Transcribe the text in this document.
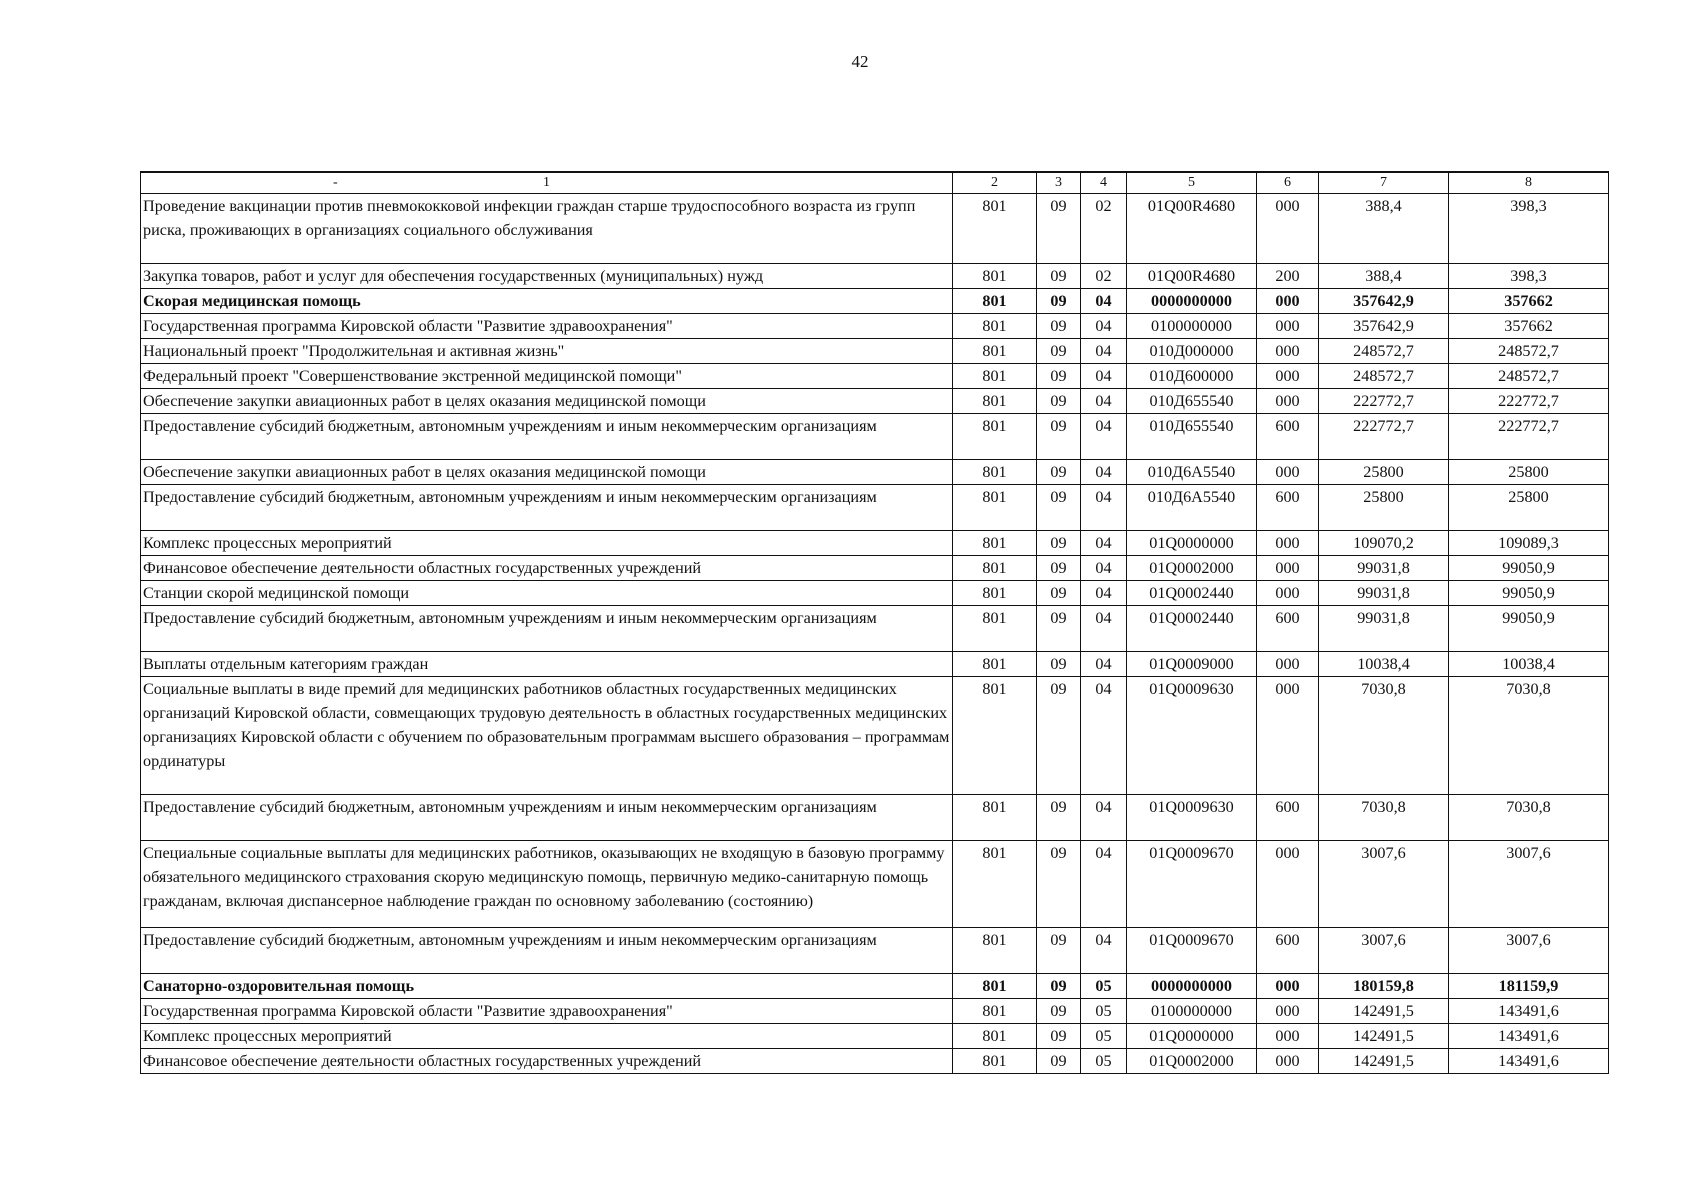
42
- 1	2	3	4	5	6	7	8
Проведение вакцинации против пневмококковой инфекции граждан старше трудоспособного возраста из групп риска, проживающих в организациях социального обслуживания	801	09	02	01Q00R4680	000	388,4	398,3
Закупка товаров, работ и услуг для обеспечения государственных (муниципальных) нужд	801	09	02	01Q00R4680	200	388,4	398,3
Скорая медицинская помощь	801	09	04	0000000000	000	357642,9	357662
Государственная программа Кировской области "Развитие здравоохранения"	801	09	04	0100000000	000	357642,9	357662
Национальный проект "Продолжительная и активная жизнь"	801	09	04	010Д000000	000	248572,7	248572,7
Федеральный проект "Совершенствование экстренной медицинской помощи"	801	09	04	010Д600000	000	248572,7	248572,7
Обеспечение закупки авиационных работ в целях оказания медицинской помощи	801	09	04	010Д655540	000	222772,7	222772,7
Предоставление субсидий бюджетным, автономным учреждениям и иным некоммерческим организациям	801	09	04	010Д655540	600	222772,7	222772,7
Обеспечение закупки авиационных работ в целях оказания медицинской помощи	801	09	04	010Д6А5540	000	25800	25800
Предоставление субсидий бюджетным, автономным учреждениям и иным некоммерческим организациям	801	09	04	010Д6А5540	600	25800	25800
Комплекс процессных мероприятий	801	09	04	01Q0000000	000	109070,2	109089,3
Финансовое обеспечение деятельности областных государственных учреждений	801	09	04	01Q0002000	000	99031,8	99050,9
Станции скорой медицинской помощи	801	09	04	01Q0002440	000	99031,8	99050,9
Предоставление субсидий бюджетным, автономным учреждениям и иным некоммерческим организациям	801	09	04	01Q0002440	600	99031,8	99050,9
Выплаты отдельным категориям граждан	801	09	04	01Q0009000	000	10038,4	10038,4
Социальные выплаты в виде премий для медицинских работников областных государственных медицинских организаций Кировской области, совмещающих трудовую деятельность в областных государственных медицинских организациях Кировской области с обучением по образовательным программам высшего образования – программам ординатуры	801	09	04	01Q0009630	000	7030,8	7030,8
Предоставление субсидий бюджетным, автономным учреждениям и иным некоммерческим организациям	801	09	04	01Q0009630	600	7030,8	7030,8
Специальные социальные выплаты для медицинских работников, оказывающих не входящую в базовую программу обязательного медицинского страхования скорую медицинскую помощь, первичную медико-санитарную помощь гражданам, включая диспансерное наблюдение граждан по основному заболеванию (состоянию)	801	09	04	01Q0009670	000	3007,6	3007,6
Предоставление субсидий бюджетным, автономным учреждениям и иным некоммерческим организациям	801	09	04	01Q0009670	600	3007,6	3007,6
Санаторно-оздоровительная помощь	801	09	05	0000000000	000	180159,8	181159,9
Государственная программа Кировской области "Развитие здравоохранения"	801	09	05	0100000000	000	142491,5	143491,6
Комплекс процессных мероприятий	801	09	05	01Q0000000	000	142491,5	143491,6
Финансовое обеспечение деятельности областных государственных учреждений	801	09	05	01Q0002000	000	142491,5	143491,6
